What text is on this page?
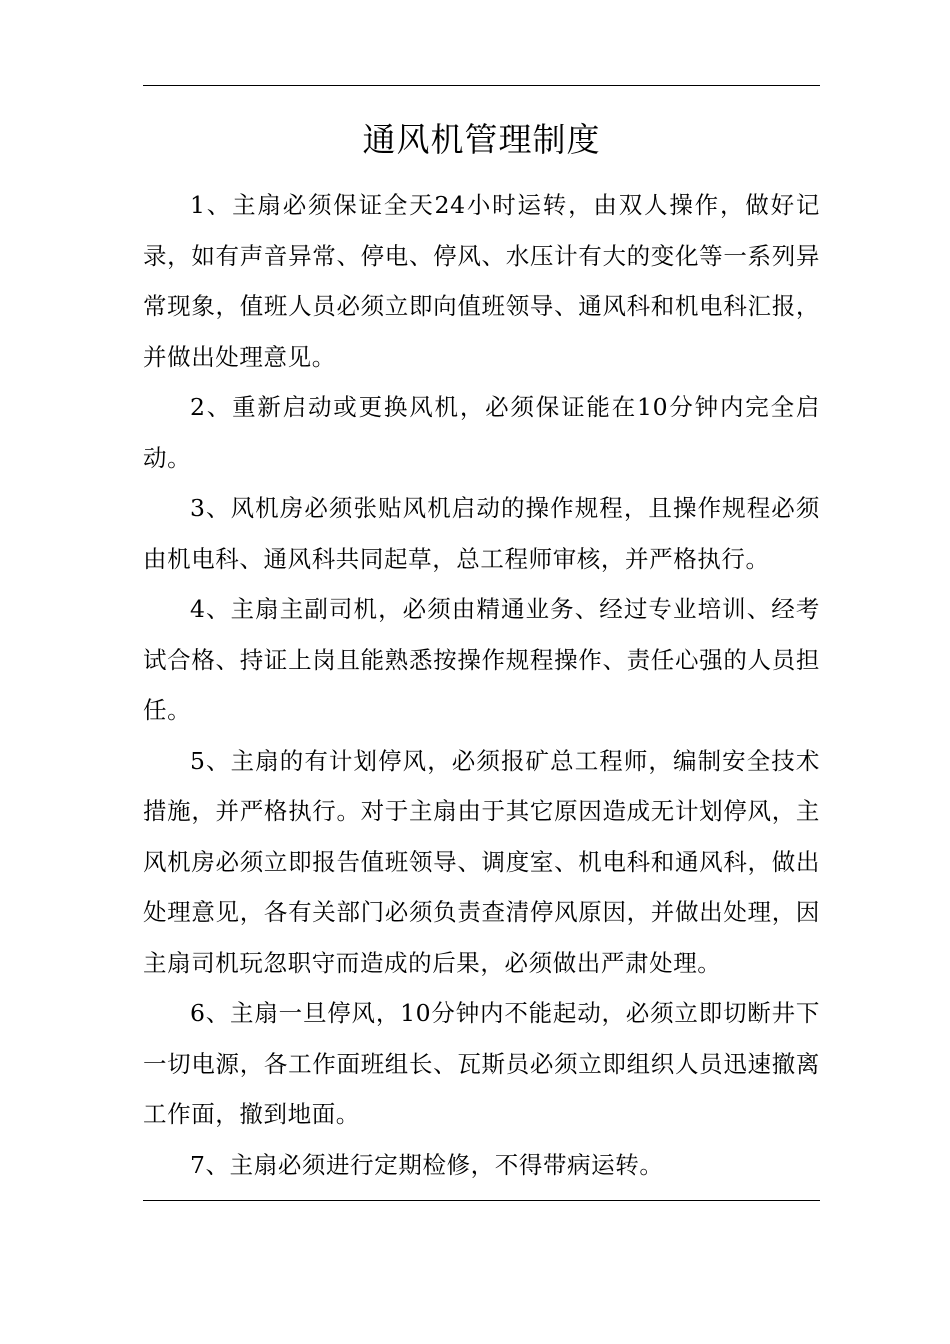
通风机管理制度

1、主扇必须保证全天24小时运转，由双人操作，做好记录，如有声音异常、停电、停风、水压计有大的变化等一系列异常现象，值班人员必须立即向值班领导、通风科和机电科汇报，并做出处理意见。

2、重新启动或更换风机，必须保证能在10分钟内完全启动。

3、风机房必须张贴风机启动的操作规程，且操作规程必须由机电科、通风科共同起草，总工程师审核，并严格执行。

4、主扇主副司机，必须由精通业务、经过专业培训、经考试合格、持证上岗且能熟悉按操作规程操作、责任心强的人员担任。

5、主扇的有计划停风，必须报矿总工程师，编制安全技术措施，并严格执行。对于主扇由于其它原因造成无计划停风，主风机房必须立即报告值班领导、调度室、机电科和通风科，做出处理意见，各有关部门必须负责查清停风原因，并做出处理，因主扇司机玩忽职守而造成的后果，必须做出严肃处理。

6、主扇一旦停风，10分钟内不能起动，必须立即切断井下一切电源，各工作面班组长、瓦斯员必须立即组织人员迅速撤离工作面，撤到地面。

7、主扇必须进行定期检修，不得带病运转。
